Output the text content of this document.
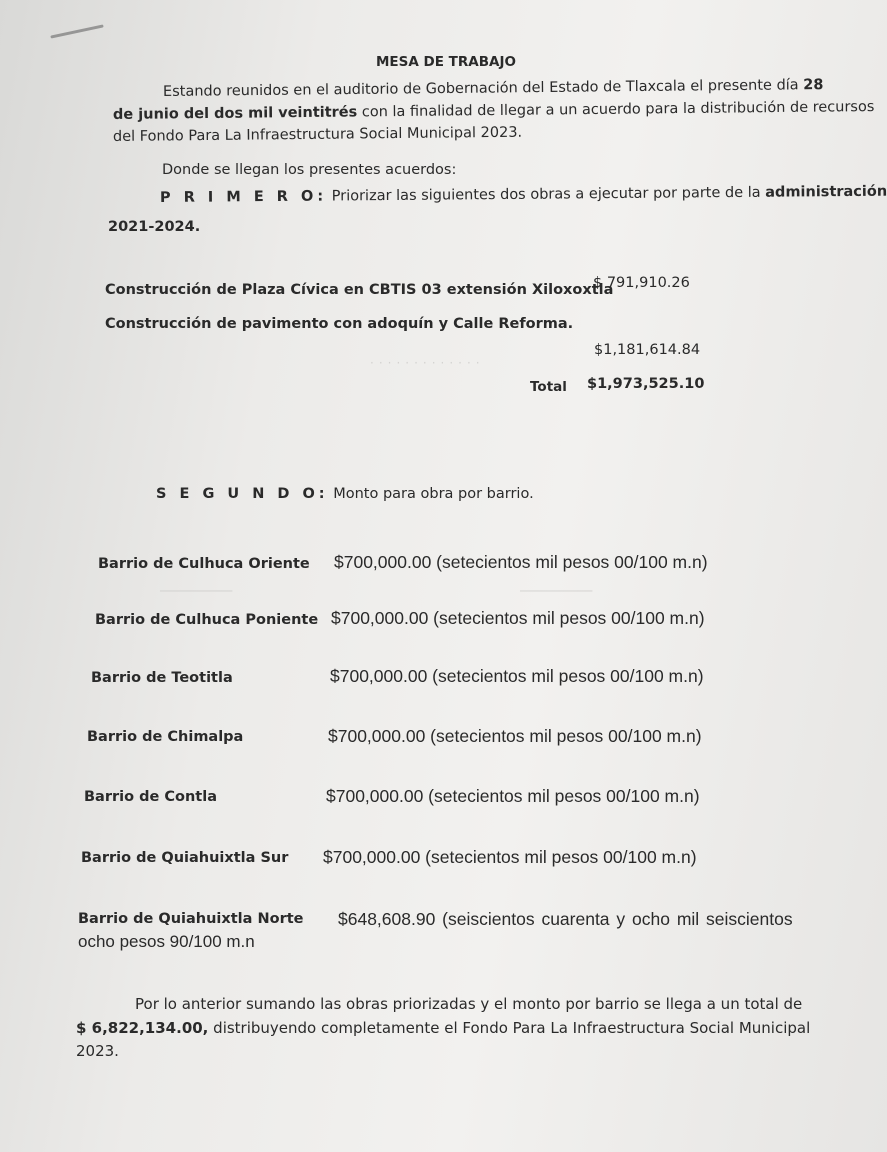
·············
──────────	──────────
MESA DE TRABAJO
Estando reunidos en el auditorio de Gobernación del Estado de Tlaxcala el presente día 28
de junio del dos mil veintitrés con la finalidad de llegar a un acuerdo para la distribución de recursos
del Fondo Para La Infraestructura Social Municipal 2023.
Donde se llegan los presentes acuerdos:
P R I M E R O: Priorizar las siguientes dos obras a ejecutar por parte de la administración
2021-2024.
Construcción de Plaza Cívica en CBTIS 03 extensión Xiloxoxtla
$ 791,910.26
Construcción de pavimento con adoquín y Calle Reforma.
$1,181,614.84
Total $1,973,525.10
S E G U N D O: Monto para obra por barrio.
Barrio de Culhuca Oriente $700,000.00 (setecientos mil pesos 00/100 m.n)
Barrio de Culhuca Poniente $700,000.00 (setecientos mil pesos 00/100 m.n)
Barrio de Teotitla	$700,000.00 (setecientos mil pesos 00/100 m.n)
Barrio de Chimalpa	$700,000.00 (setecientos mil pesos 00/100 m.n)
Barrio de Contla	$700,000.00 (setecientos mil pesos 00/100 m.n)
Barrio de Quiahuixtla Sur $700,000.00 (setecientos mil pesos 00/100 m.n)
Barrio de Quiahuixtla Norte $648,608.90 (seiscientos cuarenta y ocho mil seiscientos
ocho pesos 90/100 m.n
Por lo anterior sumando las obras priorizadas y el monto por barrio se llega a un total de
$ 6,822,134.00, distribuyendo completamente el Fondo Para La Infraestructura Social Municipal
2023.
